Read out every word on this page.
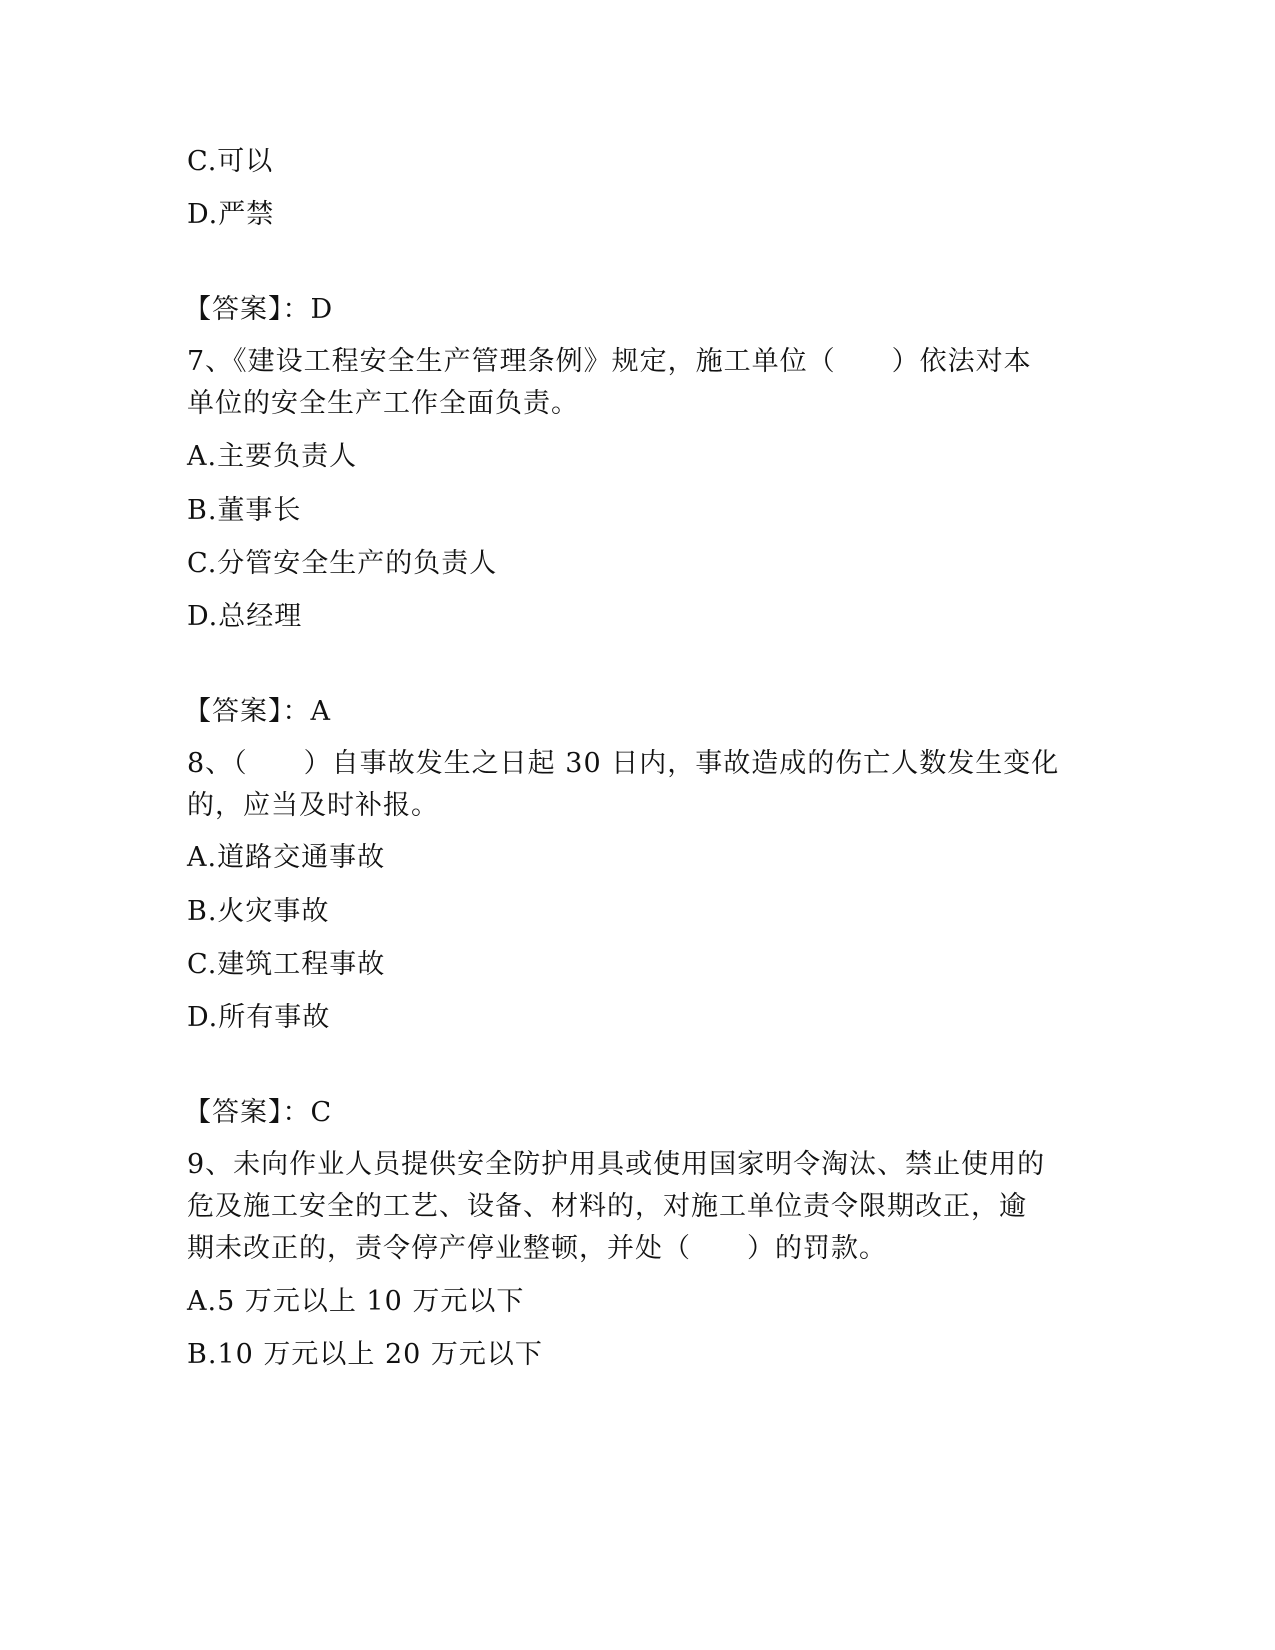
C.可以
D.严禁
【答案】：D
7、《建设工程安全生产管理条例》规定，施工单位（　　）依法对本
单位的安全生产工作全面负责。
A.主要负责人
B.董事长
C.分管安全生产的负责人
D.总经理
【答案】：A
8、（　　）自事故发生之日起 30 日内，事故造成的伤亡人数发生变化
的，应当及时补报。
A.道路交通事故
B.火灾事故
C.建筑工程事故
D.所有事故
【答案】：C
9、未向作业人员提供安全防护用具或使用国家明令淘汰、禁止使用的
危及施工安全的工艺、设备、材料的，对施工单位责令限期改正，逾
期未改正的，责令停产停业整顿，并处（　　）的罚款。
A.5 万元以上 10 万元以下
B.10 万元以上 20 万元以下
